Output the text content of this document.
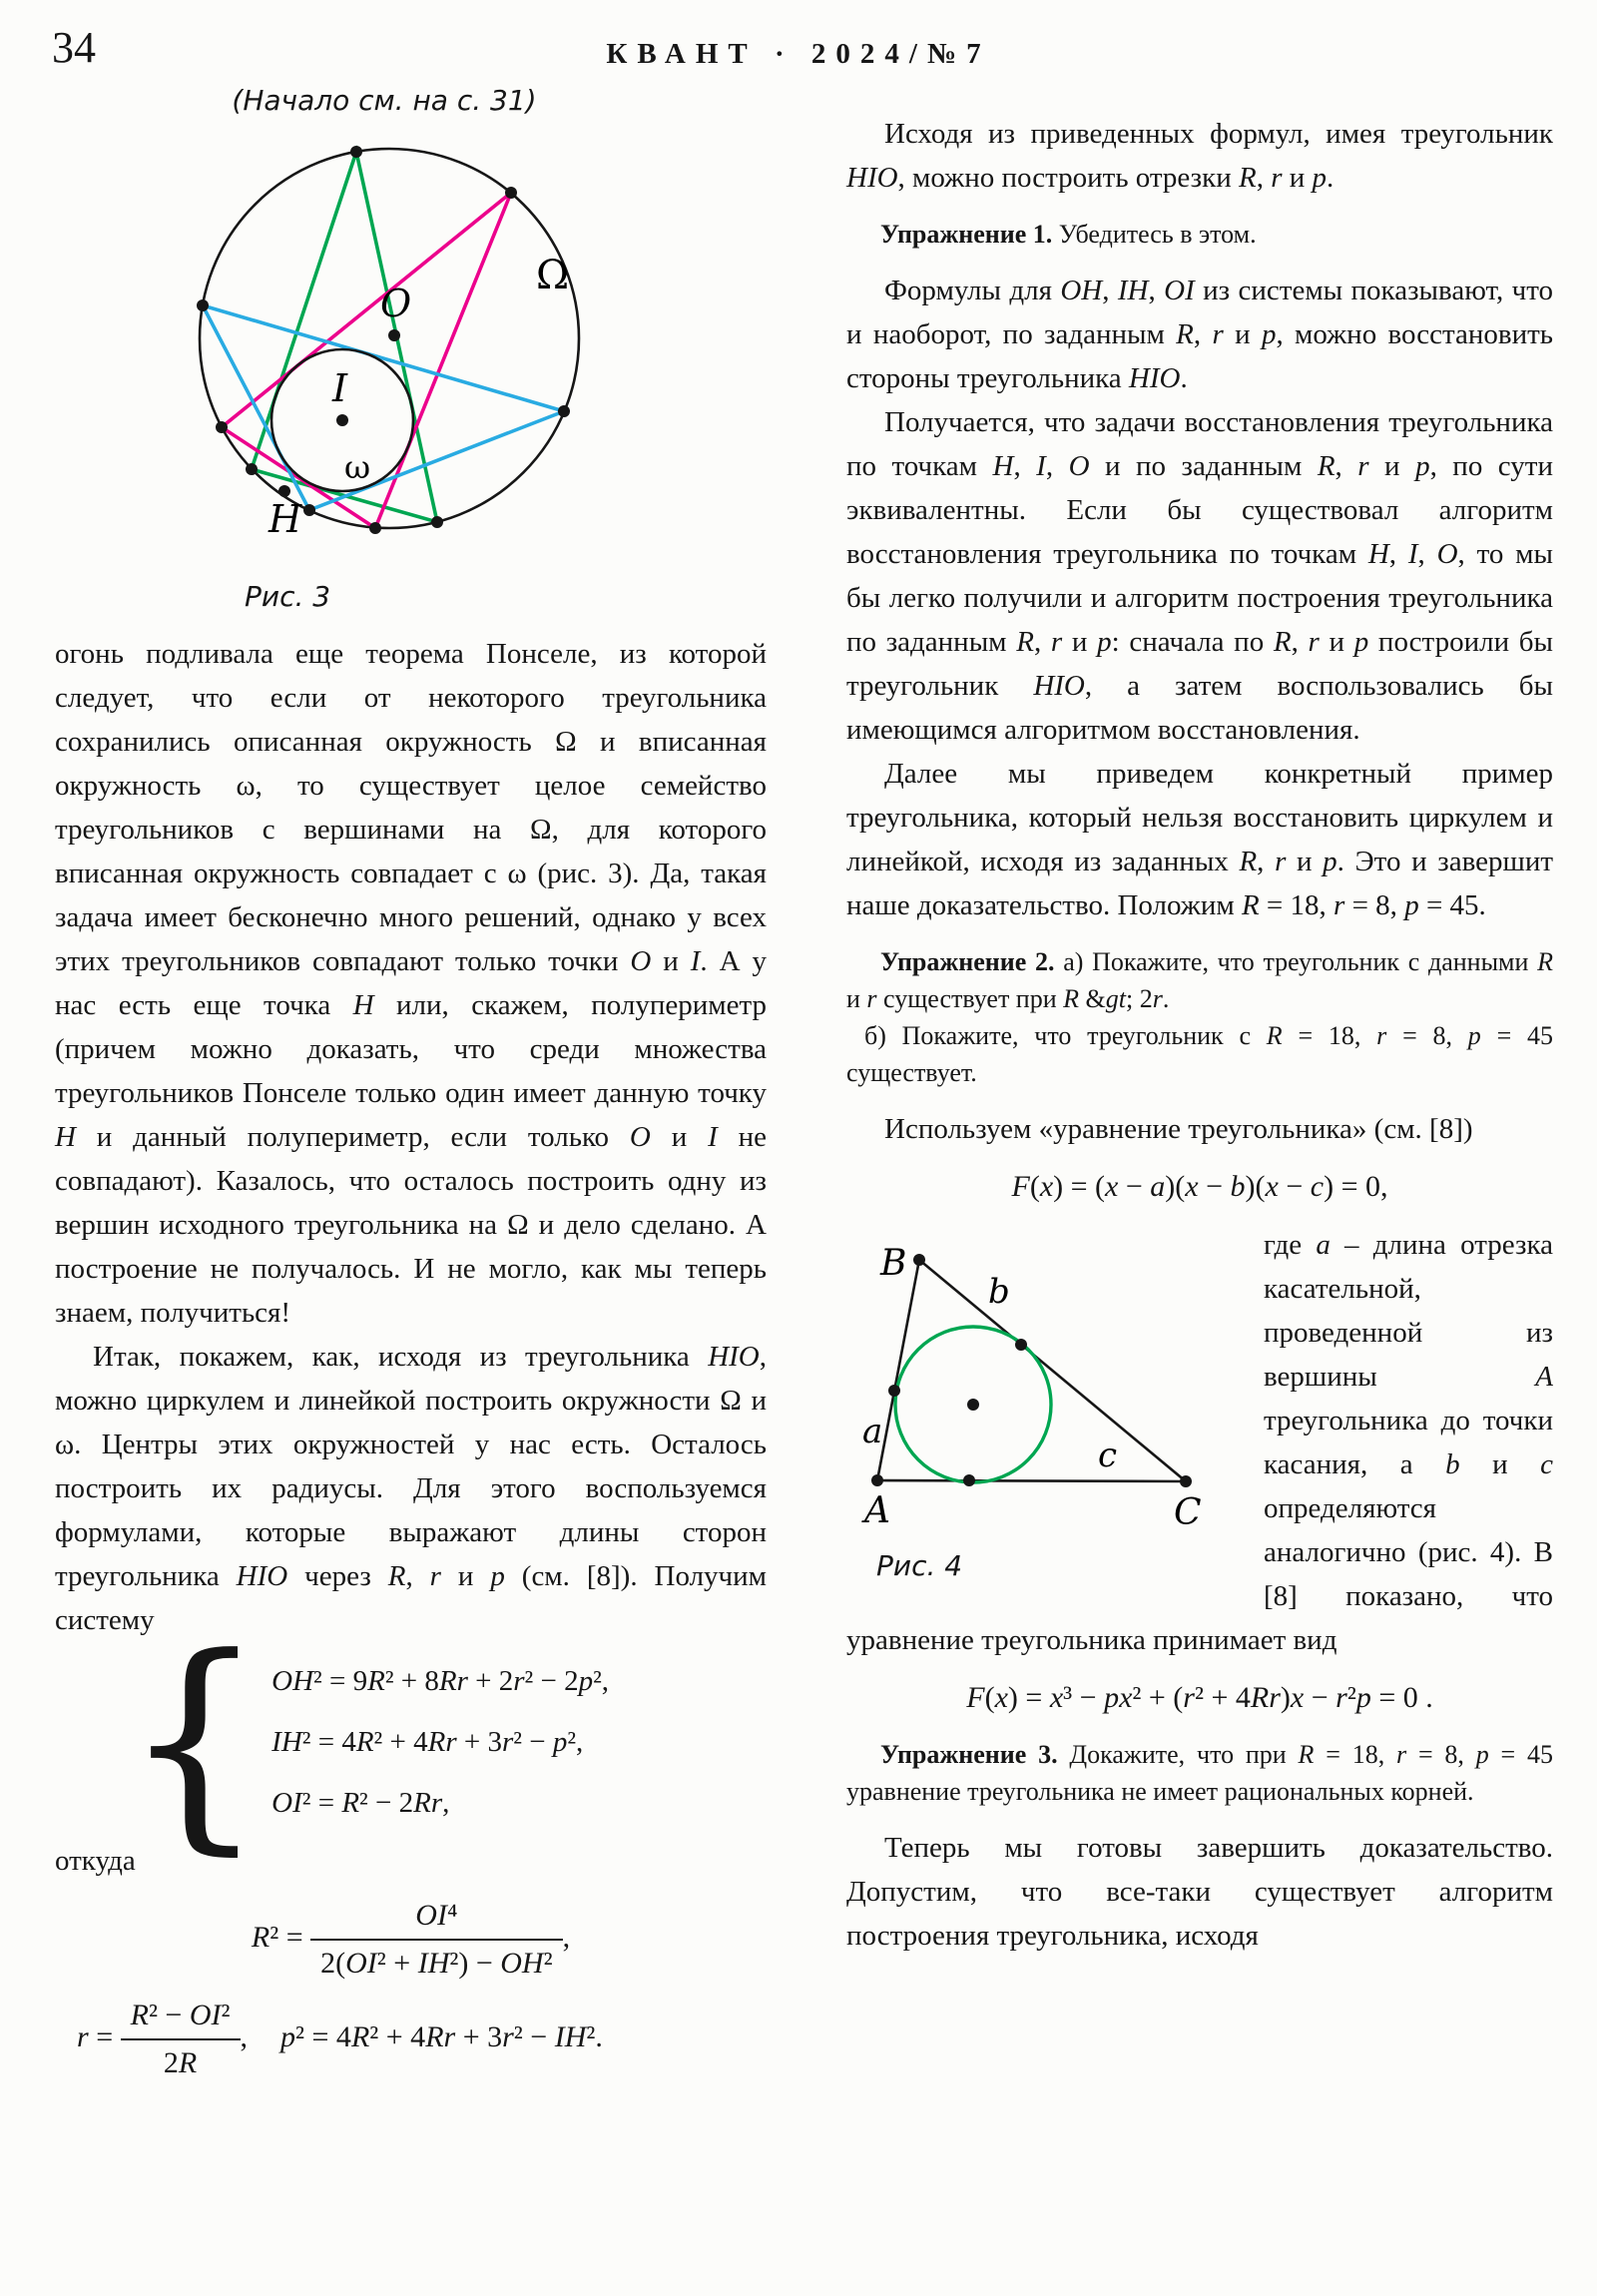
34	КВАНТ · 2024/№7
(Начало см. на с. 31)
I
O
H
Ω
ω
Рис. 3

огонь подливала еще теорема Понселе, из которой следует, что если от некоторого треугольника сохранились описанная окружность Ω и вписанная окружность ω, то существует целое семейство треугольников с вершинами на Ω, для которого вписанная окружность совпадает с ω (рис. 3). Да, такая задача имеет бесконечно много решений, однако у всех этих треугольников совпадают только точки O и I. А у нас есть еще точка H или, скажем, полупериметр (причем можно доказать, что среди множества треугольников Понселе только один имеет данную точку H и данный полупериметр, если только O и I не совпадают). Казалось, что осталось построить одну из вершин исходного треугольника на Ω и дело сделано. А построение не получалось. И не могло, как мы теперь знаем, получиться!

Итак, покажем, как, исходя из треугольника HIO, можно циркулем и линейкой построить окружности Ω и ω. Центры этих окружностей у нас есть. Осталось построить их радиусы. Для этого воспользуемся формулами, которые выражают длины сторон треугольника HIO через R, r и p (см. [8]). Получим систему

{ OH² = 9R² + 8Rr + 2r² − 2p²,
IH² = 4R² + 4Rr + 3r² − p²,
OI² = R² − 2Rr,

откуда

$R^2 = \frac{\text{OI⁴}}{\text{2(OI² + IH²) − OH²}}$ ,
$r = \frac{\text{R² − OI²}}{2R}$ , p² = 4R² + 4Rr + 3r² − IH².

Исходя из приведенных формул, имея треугольник HIO, можно построить отрезки R, r и p.

Упражнение 1. Убедитесь в этом.

Формулы для OH, IH, OI из системы показывают, что и наоборот, по заданным R, r и p, можно восстановить стороны треугольника HIO.

Получается, что задачи восстановления треугольника по точкам H, I, O и по заданным R, r и p, по сути эквивалентны. Если бы существовал алгоритм восстановления треугольника по точкам H, I, O, то мы бы легко получили и алгоритм построения треугольника по заданным R, r и p: сначала по R, r и p построили бы треугольник HIO, а затем воспользовались бы имеющимся алгоритмом восстановления.

Далее мы приведем конкретный пример треугольника, который нельзя восстановить циркулем и линейкой, исходя из заданных R, r и p. Это и завершит наше доказательство. Положим R = 18, r = 8, p = 45.

Упражнение 2. а) Покажите, что треугольник с данными R и r существует при R &gt; 2r.

б) Покажите, что треугольник с R = 18, r = 8, p = 45 существует.

Используем «уравнение треугольника» (см. [8])

F(x) = (x − a)(x − b)(x − c) = 0,
B
A	C
a
b
c
Рис. 4

где a – длина отрезка касательной, проведенной из вершины A треугольника до точки касания, а b и c определяются аналогично (рис. 4). В [8] показано, что уравнение треугольника принимает вид

F(x) = x³ − px² + (r² + 4Rr)x − r²p = 0 .

Упражнение 3. Докажите, что при R = 18, r = 8, p = 45 уравнение треугольника не имеет рациональных корней.

Теперь мы готовы завершить доказательство. Допустим, что все-таки существует алгоритм построения треугольника, исходя
